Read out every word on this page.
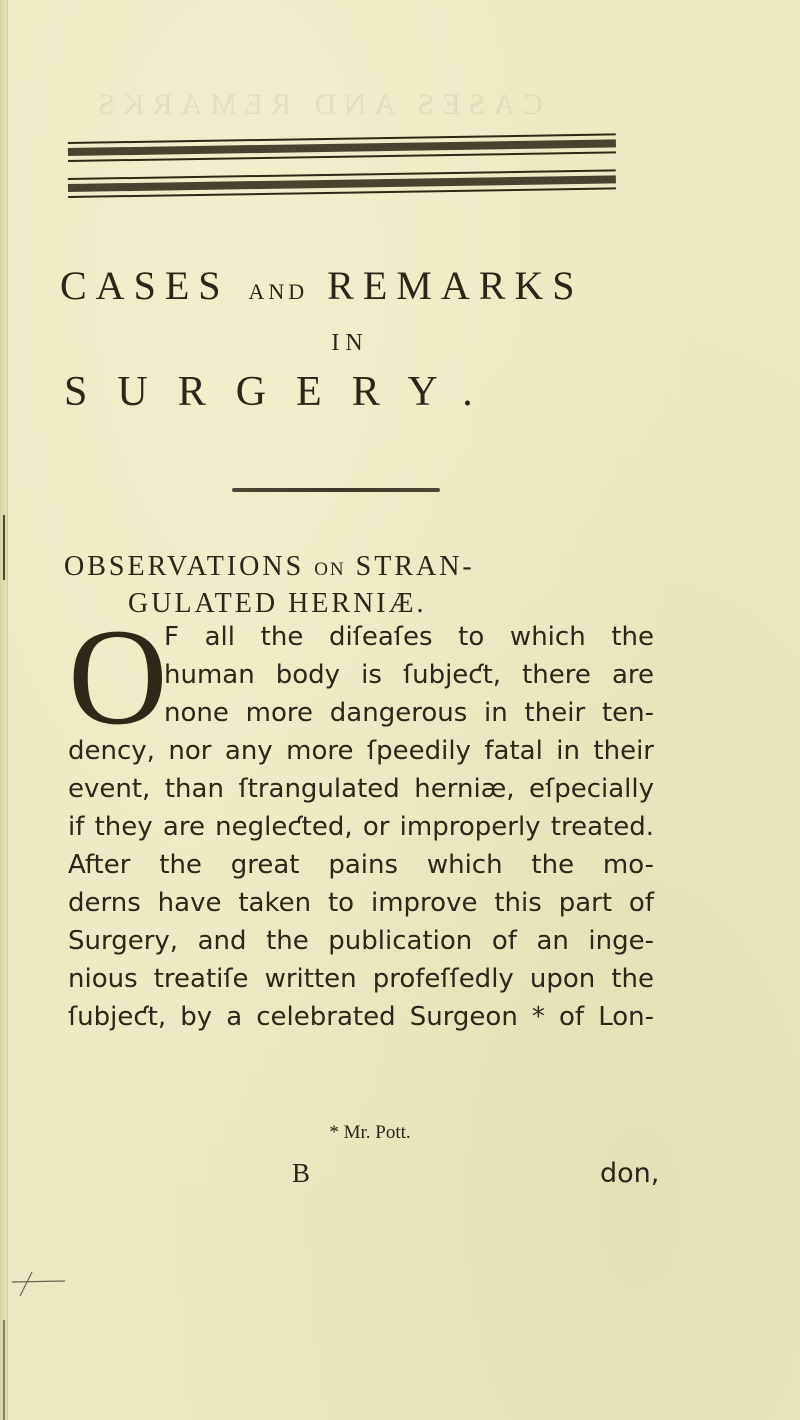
CASES AND REMARKS
CASES AND REMARKS
IN
SURGERY.
OBSERVATIONS ON STRAN-
GULATED HERNIÆ.
O
F all the diſeaſes to which the
human body is ſubjeƈt, there are
none more dangerous in their ten-
dency, nor any more ſpeedily fatal in their
event, than ſtrangulated herniæ, eſpecially
if they are negleƈted, or improperly treated.
After the great pains which the mo-
derns have taken to improve this part of
Surgery, and the publication of an inge-
nious treatiſe written profeſſedly upon the
ſubjeƈt, by a celebrated Surgeon * of Lon-
* Mr. Pott.
B	don,
